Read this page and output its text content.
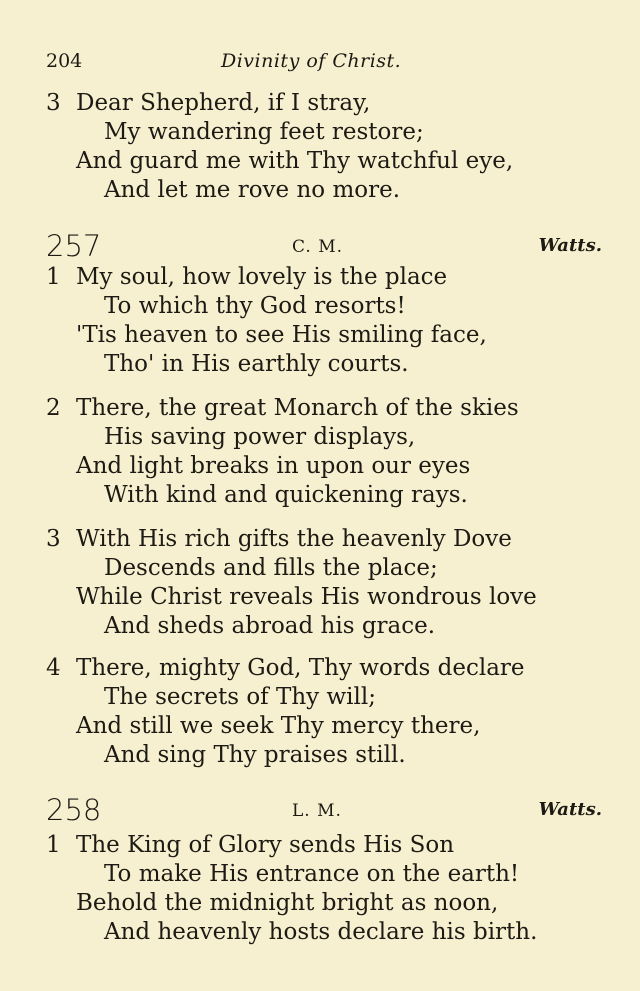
204	Divinity of Christ.
3 Dear Shepherd, if I stray,
My wandering feet restore;
And guard me with Thy watchful eye,
And let me rove no more.
257	C. M.	Watts.
1 My soul, how lovely is the place
To which thy God resorts!
'Tis heaven to see His smiling face,
Tho' in His earthly courts.
2 There, the great Monarch of the skies
His saving power displays,
And light breaks in upon our eyes
With kind and quickening rays.
3 With His rich gifts the heavenly Dove
Descends and fills the place;
While Christ reveals His wondrous love
And sheds abroad his grace.
4 There, mighty God, Thy words declare
The secrets of Thy will;
And still we seek Thy mercy there,
And sing Thy praises still.
258	L. M.	Watts.
1 The King of Glory sends His Son
To make His entrance on the earth!
Behold the midnight bright as noon,
And heavenly hosts declare his birth.
